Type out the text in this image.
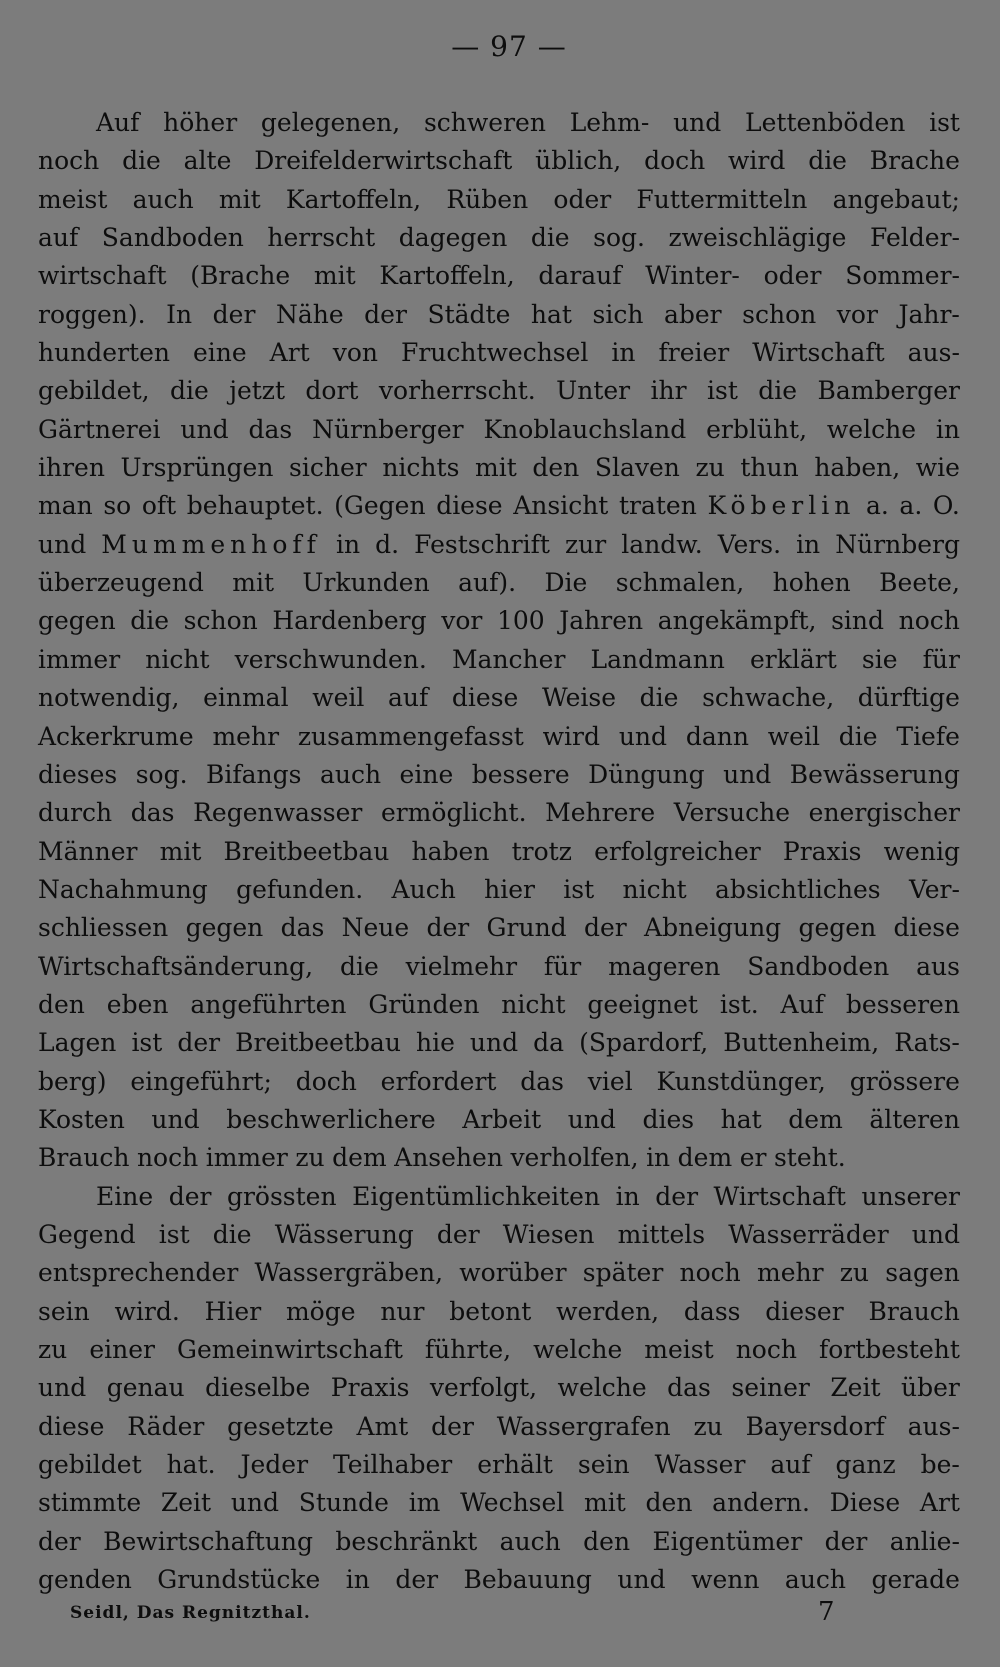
— 97 —
Auf höher gelegenen, schweren Lehm- und Lettenböden ist
noch die alte Dreifelderwirtschaft üblich, doch wird die Brache
meist auch mit Kartoffeln, Rüben oder Futtermitteln angebaut;
auf Sandboden herrscht dagegen die sog. zweischlägige Felder-
wirtschaft (Brache mit Kartoffeln, darauf Winter- oder Sommer-
roggen). In der Nähe der Städte hat sich aber schon vor Jahr-
hunderten eine Art von Fruchtwechsel in freier Wirtschaft aus-
gebildet, die jetzt dort vorherrscht. Unter ihr ist die Bamberger
Gärtnerei und das Nürnberger Knoblauchsland erblüht, welche in
ihren Ursprüngen sicher nichts mit den Slaven zu thun haben, wie
man so oft behauptet. (Gegen diese Ansicht traten Köberlin a. a. O.
und Mummenhoff in d. Festschrift zur landw. Vers. in Nürnberg
überzeugend mit Urkunden auf). Die schmalen, hohen Beete,
gegen die schon Hardenberg vor 100 Jahren angekämpft, sind noch
immer nicht verschwunden. Mancher Landmann erklärt sie für
notwendig, einmal weil auf diese Weise die schwache, dürftige
Ackerkrume mehr zusammengefasst wird und dann weil die Tiefe
dieses sog. Bifangs auch eine bessere Düngung und Bewässerung
durch das Regenwasser ermöglicht. Mehrere Versuche energischer
Männer mit Breitbeetbau haben trotz erfolgreicher Praxis wenig
Nachahmung gefunden. Auch hier ist nicht absichtliches Ver-
schliessen gegen das Neue der Grund der Abneigung gegen diese
Wirtschaftsänderung, die vielmehr für mageren Sandboden aus
den eben angeführten Gründen nicht geeignet ist. Auf besseren
Lagen ist der Breitbeetbau hie und da (Spardorf, Buttenheim, Rats-
berg) eingeführt; doch erfordert das viel Kunstdünger, grössere
Kosten und beschwerlichere Arbeit und dies hat dem älteren
Brauch noch immer zu dem Ansehen verholfen, in dem er steht.
Eine der grössten Eigentümlichkeiten in der Wirtschaft unserer
Gegend ist die Wässerung der Wiesen mittels Wasserräder und
entsprechender Wassergräben, worüber später noch mehr zu sagen
sein wird. Hier möge nur betont werden, dass dieser Brauch
zu einer Gemeinwirtschaft führte, welche meist noch fortbesteht
und genau dieselbe Praxis verfolgt, welche das seiner Zeit über
diese Räder gesetzte Amt der Wassergrafen zu Bayersdorf aus-
gebildet hat. Jeder Teilhaber erhält sein Wasser auf ganz be-
stimmte Zeit und Stunde im Wechsel mit den andern. Diese Art
der Bewirtschaftung beschränkt auch den Eigentümer der anlie-
genden Grundstücke in der Bebauung und wenn auch gerade
Seidl, Das Regnitzthal.	7
